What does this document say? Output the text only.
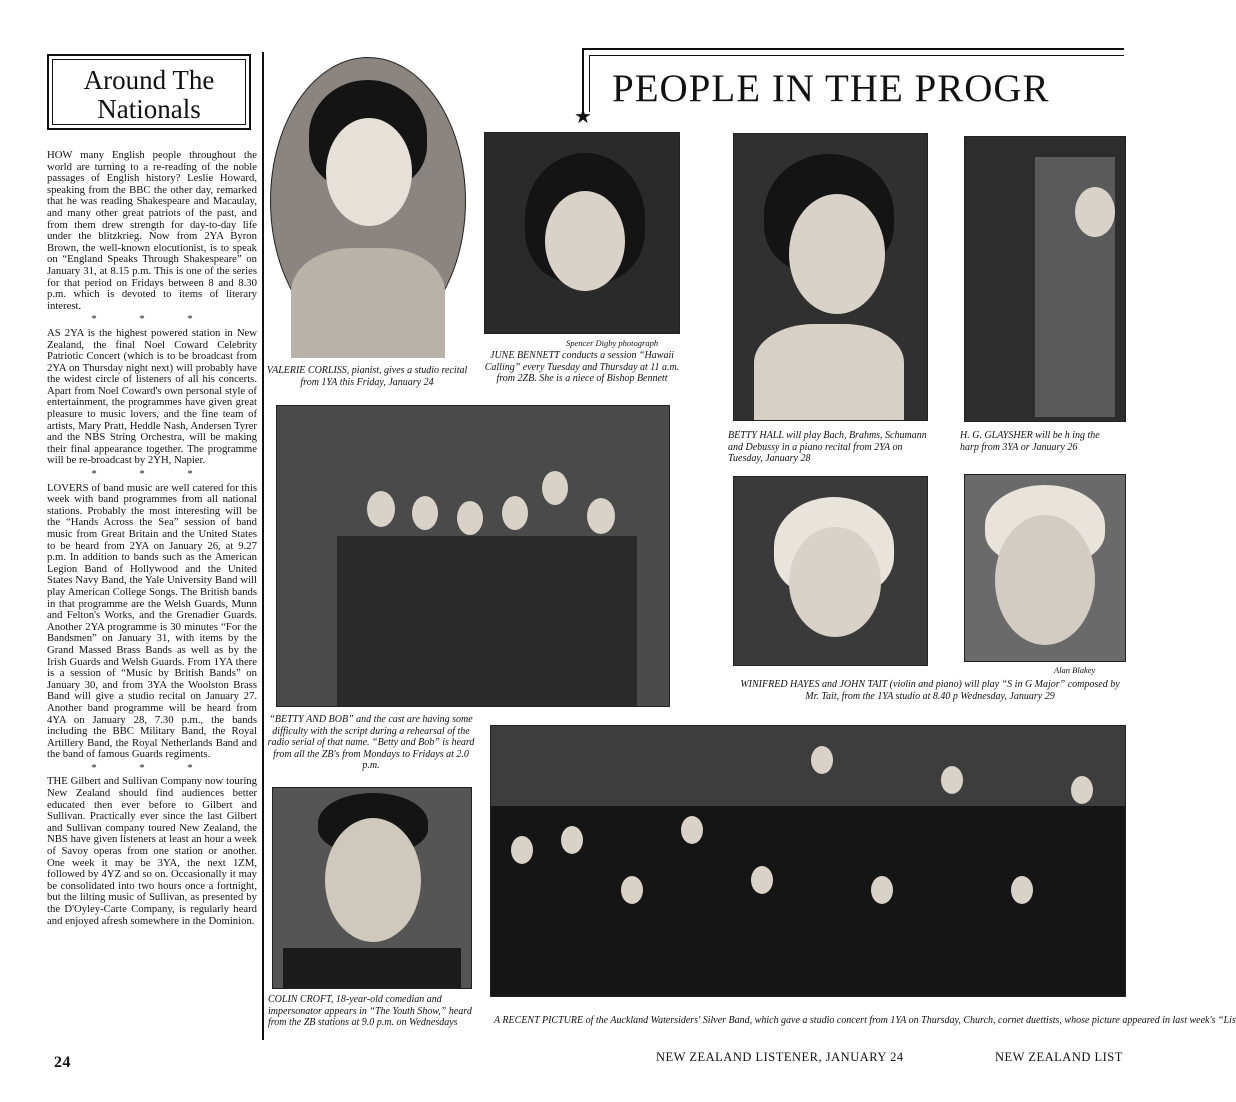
Around The
Nationals

HOW many English people throughout the world are turning to a re-reading of the noble passages of English history? Leslie Howard, speaking from the BBC the other day, remarked that he was reading Shakespeare and Macaulay, and many other great patriots of the past, and from them drew strength for day-to-day life under the blitzkrieg. Now from 2YA Byron Brown, the well-known elocutionist, is to speak on “England Speaks Through Shakespeare” on January 31, at 8.15 p.m. This is one of the series for that period on Fridays between 8 and 8.30 p.m. which is devoted to items of literary interest.

* * *

AS 2YA is the highest powered station in New Zealand, the final Noel Coward Celebrity Patriotic Concert (which is to be broadcast from 2YA on Thursday night next) will probably have the widest circle of listeners of all his concerts. Apart from Noel Coward's own personal style of entertainment, the programmes have given great pleasure to music lovers, and the fine team of artists, Mary Pratt, Heddle Nash, Andersen Tyrer and the NBS String Orchestra, will be making their final appearance together. The programme will be re-broadcast by 2YH, Napier.

* * *

LOVERS of band music are well catered for this week with band programmes from all national stations. Probably the most interesting will be the “Hands Across the Sea” session of band music from Great Britain and the United States to be heard from 2YA on January 26, at 9.27 p.m. In addition to bands such as the American Legion Band of Hollywood and the United States Navy Band, the Yale University Band will play American College Songs. The British bands in that programme are the Welsh Guards, Munn and Felton's Works, and the Grenadier Guards. Another 2YA programme is 30 minutes “For the Bandsmen” on January 31, with items by the Grand Massed Brass Bands as well as by the Irish Guards and Welsh Guards. From 1YA there is a session of “Music by British Bands” on January 30, and from 3YA the Woolston Brass Band will give a studio recital on January 27. Another band programme will be heard from 4YA on January 28, 7.30 p.m., the bands including the BBC Military Band, the Royal Artillery Band, the Royal Netherlands Band and the band of famous Guards regiments.

* * *

THE Gilbert and Sullivan Company now touring New Zealand should find audiences better educated then ever before to Gilbert and Sullivan. Practically ever since the last Gilbert and Sullivan company toured New Zealand, the NBS have given listeners at least an hour a week of Savoy operas from one station or another. One week it may be 3YA, the next 1ZM, followed by 4YZ and so on. Occasionally it may be consolidated into two hours once a fortnight, but the lilting music of Sullivan, as presented by the D'Oyley-Carte Company, is regularly heard and enjoyed afresh somewhere in the Dominion.

★
PEOPLE IN THE PROGR
VALERIE CORLISS, pianist, gives a studio recital from 1YA this Friday, January 24
Spencer Digby photograph
JUNE BENNETT conducts a session “Hawaii Calling” every Tuesday and Thursday at 11 a.m. from 2ZB. She is a niece of Bishop Bennett
“BETTY AND BOB” and the cast are having some difficulty with the script during a rehearsal of the radio serial of that name. “Betty and Bob” is heard from all the ZB's from Mondays to Fridays at 2.0 p.m.
COLIN CROFT, 18-year-old comedian and impersonator appears in “The Youth Show,” heard from the ZB stations at 9.0 p.m. on Wednesdays
BETTY HALL will play Bach, Brahms, Schumann and Debussy in a piano recital from 2YA on Tuesday, January 28
H. G. GLAYSHER will be h ing the harp from 3YA or January 26
Alan Blakey
WINIFRED HAYES and JOHN TAIT (violin and piano) will play “S in G Major” composed by Mr. Tait, from the 1YA studio at 8.40 p Wednesday, January 29
A RECENT PICTURE of the Auckland Watersiders' Silver Band, which gave a studio concert from 1YA on Thursday, Church, cornet duettists, whose picture appeared in last week's “Lis
24	NEW ZEALAND LISTENER, JANUARY 24	NEW ZEALAND LIST
